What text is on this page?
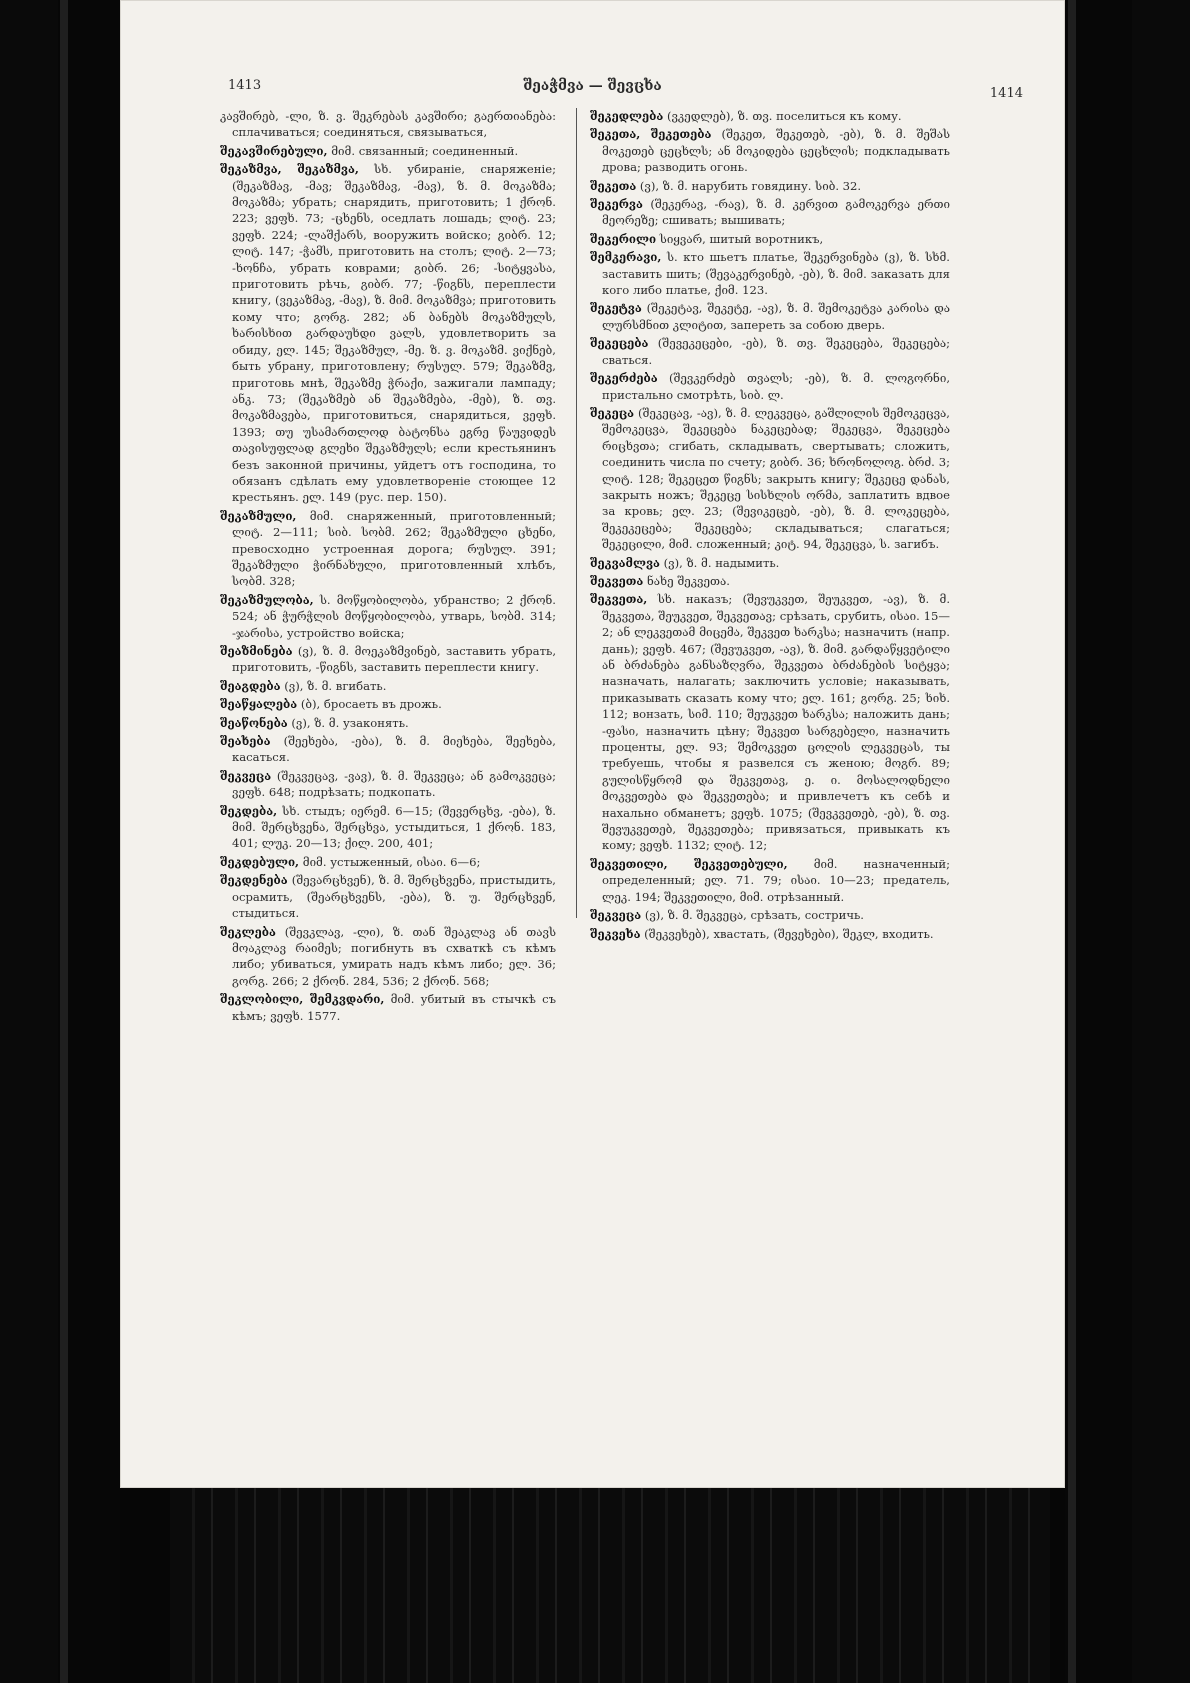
1413	შეაჭმვა — შევცხა	1414

კავშირებ, -ლი, ზ. ვ. შეკრებას კავშირი; გაერთიანება: сплачиваться; соединяться, связываться,

შეკავშირებული, მიმ. связанный; соединенный.

შეკაზმვა, შეკაზმვა, სხ. убираніе, снаряженіе; (შეკაზმავ, -მავ; შეკაზმავ, -მავ), ზ. მ. მოკაზმა; მოკაზმა; убрать; снарядить, приготовить; 1 ქრონ. 223; ვეფხ. 73; -ცხენს, оседлать лошадь; ლიტ. 23; ვეფხ. 224; -ლაშქარს, вооружить войско; გიბრ. 12; ლიტ. 147; -ჭამს, приготовить на столъ; ლიტ. 2—73; -ხონჩა, убрать коврами; გიბრ. 26; -სიტყვასა, приготовить рѣчь, გიბრ. 77; -წიგნს, переплести книгу, (ვეკაზმავ, -მავ), ზ. მიმ. მოკაზმვა; приготовить кому что; გორგ. 282; ან ბანებს მოკაზმულს, ხარისხით გარდაუხდი ვალს, удовлетворить за обиду, ელ. 145; შეკაზმულ, -მე. ზ. ვ. მოკაზმ. ვიქნებ, быть убрану, приготовлену; რუსულ. 579; შეკაზმვ, приготовь мнѣ, შეკაზმე ჭრაქი, зажигали лампаду; ანკ. 73; (შეკაზმებ ან შეკაზმება, -მებ), ზ. თვ. მოკაზმავება, приготовиться, снарядиться, ვეფხ. 1393; თუ უსამართლოდ ბატონსა ეგრე წაუვიდეს თავისუფლად გლეხი შეკაზმულს; если крестьянинъ безъ законной причины, уйдетъ отъ господина, то обязанъ сдѣлать ему удовлетвореніе стоющее 12 крестьянъ. ელ. 149 (рус. пер. 150).

შეკაზმული, მიმ. снаряженный, приготовленный; ლიტ. 2—111; სიბ. სობმ. 262; შეკაზმული ცხენი, превосходно устроенная дорога; რუსულ. 391; შეკაზმული ჭირნახული, приготовленный хлѣбъ, სობმ. 328;

შეკაზმულობა, ს. მოწყობილობა, убранство; 2 ქრონ. 524; ან ჭურჭლის მოწყობილობა, утварь, სობმ. 314; -ჯარისა, устройство войска;

შეაზმინება (ვ), ზ. მ. მოეკაზმვინებ, заставить убрать, приготовить, -წიგნს, заставить переплести книгу.

შეაგდება (ვ), ზ. მ. вгибать.

შეაწყალება (ბ), бросаеть въ дрожь.

შეაწონება (ვ), ზ. მ. узаконять.

შეახება (შეეხება, -ება), ზ. მ. მიეხება, შეეხება, касаться.

შეკვეცა (შეკვეცავ, -ვავ), ზ. მ. შეკვეცა; ან გამოკვეცა; ვეფხ. 648; подрѣзать; подкопать.

შეკდება, სხ. стыдъ; იერემ. 6—15; (შევერცხვ, -ება), ზ. მიმ. შერცხვენა, შერცხვა, устыдиться, 1 ქრონ. 183, 401; ლუკ. 20—13; ქილ. 200, 401;

შეკდებული, მიმ. устыженный, ისაი. 6—6;

შეკდენება (შევარცხვენ), ზ. მ. შერცხვენა, пристыдить, осрамить, (შეარცხვენს, -ება), ზ. უ. შერცხვენ, стыдиться.

შეკლება (შევკლავ, -ლი), ზ. თან შეაკლავ ან თავს მოაკლავ რაიმეს; погибнуть въ схваткѣ съ кѣмъ либо; убиваться, умирать надъ кѣмъ либо; ელ. 36; გორგ. 266; 2 ქრონ. 284, 536; 2 ქრონ. 568;

შეკლობილი, შემკვდარი, მიმ. убитый въ стычкѣ съ кѣмъ; ვეფხ. 1577.

შეკედლება (ვკედლებ), ზ. თვ. поселиться къ кому.

შეკეთა, შეკეთება (შეკეთ, შეკეთებ, -ებ), ზ. მ. შეშას მოკეთებ ცეცხლს; ან მოკიდება ცეცხლის; подкладывать дрова; разводить огонь.

შეკეთა (ვ), ზ. მ. нарубить говядину. სიბ. 32.

შეკერვა (შეკერავ, -რავ), ზ. მ. კერვით გამოკერვა ერთი მეორეზე; сшивать; вышивать;

შეკერილი სიყვარ, шитый воротникъ,

შემკერავი, ს. кто шьетъ платье, შეკერვინება (ვ), ზ. სხმ. заставить шить; (შევაკერვინებ, -ებ), ზ. მიმ. заказать для кого либо платье, ქიმ. 123.

შეკეტვა (შეკეტავ, შეკეტე, -ავ), ზ. მ. შემოკეტვა კარისა და ლურსმნით კლიტით, запереть за собою дверь.

შეკეცება (შევეკეცები, -ებ), ზ. თვ. შეკეცება, შეკეცება; сваться.

შეკერძება (შევკერძებ თვალს; -ებ), ზ. მ. ლოგორნი, пристально смотрѣть, სიბ. ლ.

შეკეცა (შეკეცავ, -ავ), ზ. მ. ლეკვეცა, გაშლილის შემოკეცვა, შემოკეცვა, შეკეცება ნაკეცებად; შეკეცვა, შეკეცება რიცხვთა; сгибать, складывать, свертывать; сложить, соединить числа по счету; გიბრ. 36; ხრონოლოგ. ბრძ. 3; ლიტ. 128; შეკეცეთ წიგნს; закрыть книгу; შეკეცე დანას, закрыть ножъ; შეკეცე სისხლის ორმა, заплатить вдвое за кровь; ელ. 23; (შევიკეცებ, -ებ), ზ. მ. ლოკეცება, შეკეკეცება; შეკეცება; складываться; слагаться; შეკეცილი, მიმ. сложенный; კიტ. 94, შეკეცვა, ს. загибъ.

შეკვამლვა (ვ), ზ. მ. надымить.

შეკვეთა ნახე შეკვეთა.

შეკვეთა, სხ. наказъ; (შევუკვეთ, შეუკვეთ, -ავ), ზ. მ. შეკვეთა, შეუკვეთ, შეკვეთავ; срѣзать, срубить, ისაი. 15—2; ან ლეკვეთამ მიცემა, შეკვეთ ხარკსა; назначить (напр. дань); ვეფხ. 467; (შევუკვეთ, -ავ), ზ. მიმ. გარდაწყვეტილი ან ბრძანება განსაზღვრა, შეკვეთა ბრძანების სიტყვა; назначать, налагать; заключить условіе; наказывать, приказывать сказать кому что; ელ. 161; გორგ. 25; ხიხ. 112; вонзать, სიმ. 110; შეუკვეთ ხარკსა; наложить дань; -ფასი, назначить цѣну; შეკვეთ სარგებელი, назначить проценты, ელ. 93; შემოკვეთ ცოლის ლეკვეცას, ты требуешь, чтобы я развелся съ женою; მოგრ. 89; გულისწყრომ და შეკვეთავ, ე. ი. მოსალოდნელი მოკვეთება და შეკვეთება; и привлечетъ къ себѣ и нахально обманетъ; ვეფხ. 1075; (შევკვეთებ, -ებ), ზ. თვ. შევუკვეთებ, შეკვეთება; привязаться, привыкать къ кому; ვეფხ. 1132; ლიტ. 12;

შეკვეთილი, შეკვეთებული, მიმ. назначенный; определенный; ელ. 71. 79; ისაი. 10—23; предатель, ლეკ. 194; შეკვეთილი, მიმ. отрѣзанный.

შეკვეცა (ვ), ზ. მ. შეკვეცა, срѣзать, состричь.

შეკვეხა (შეკვეხებ), хвастать, (შევეხები), შეკლ, входить.
